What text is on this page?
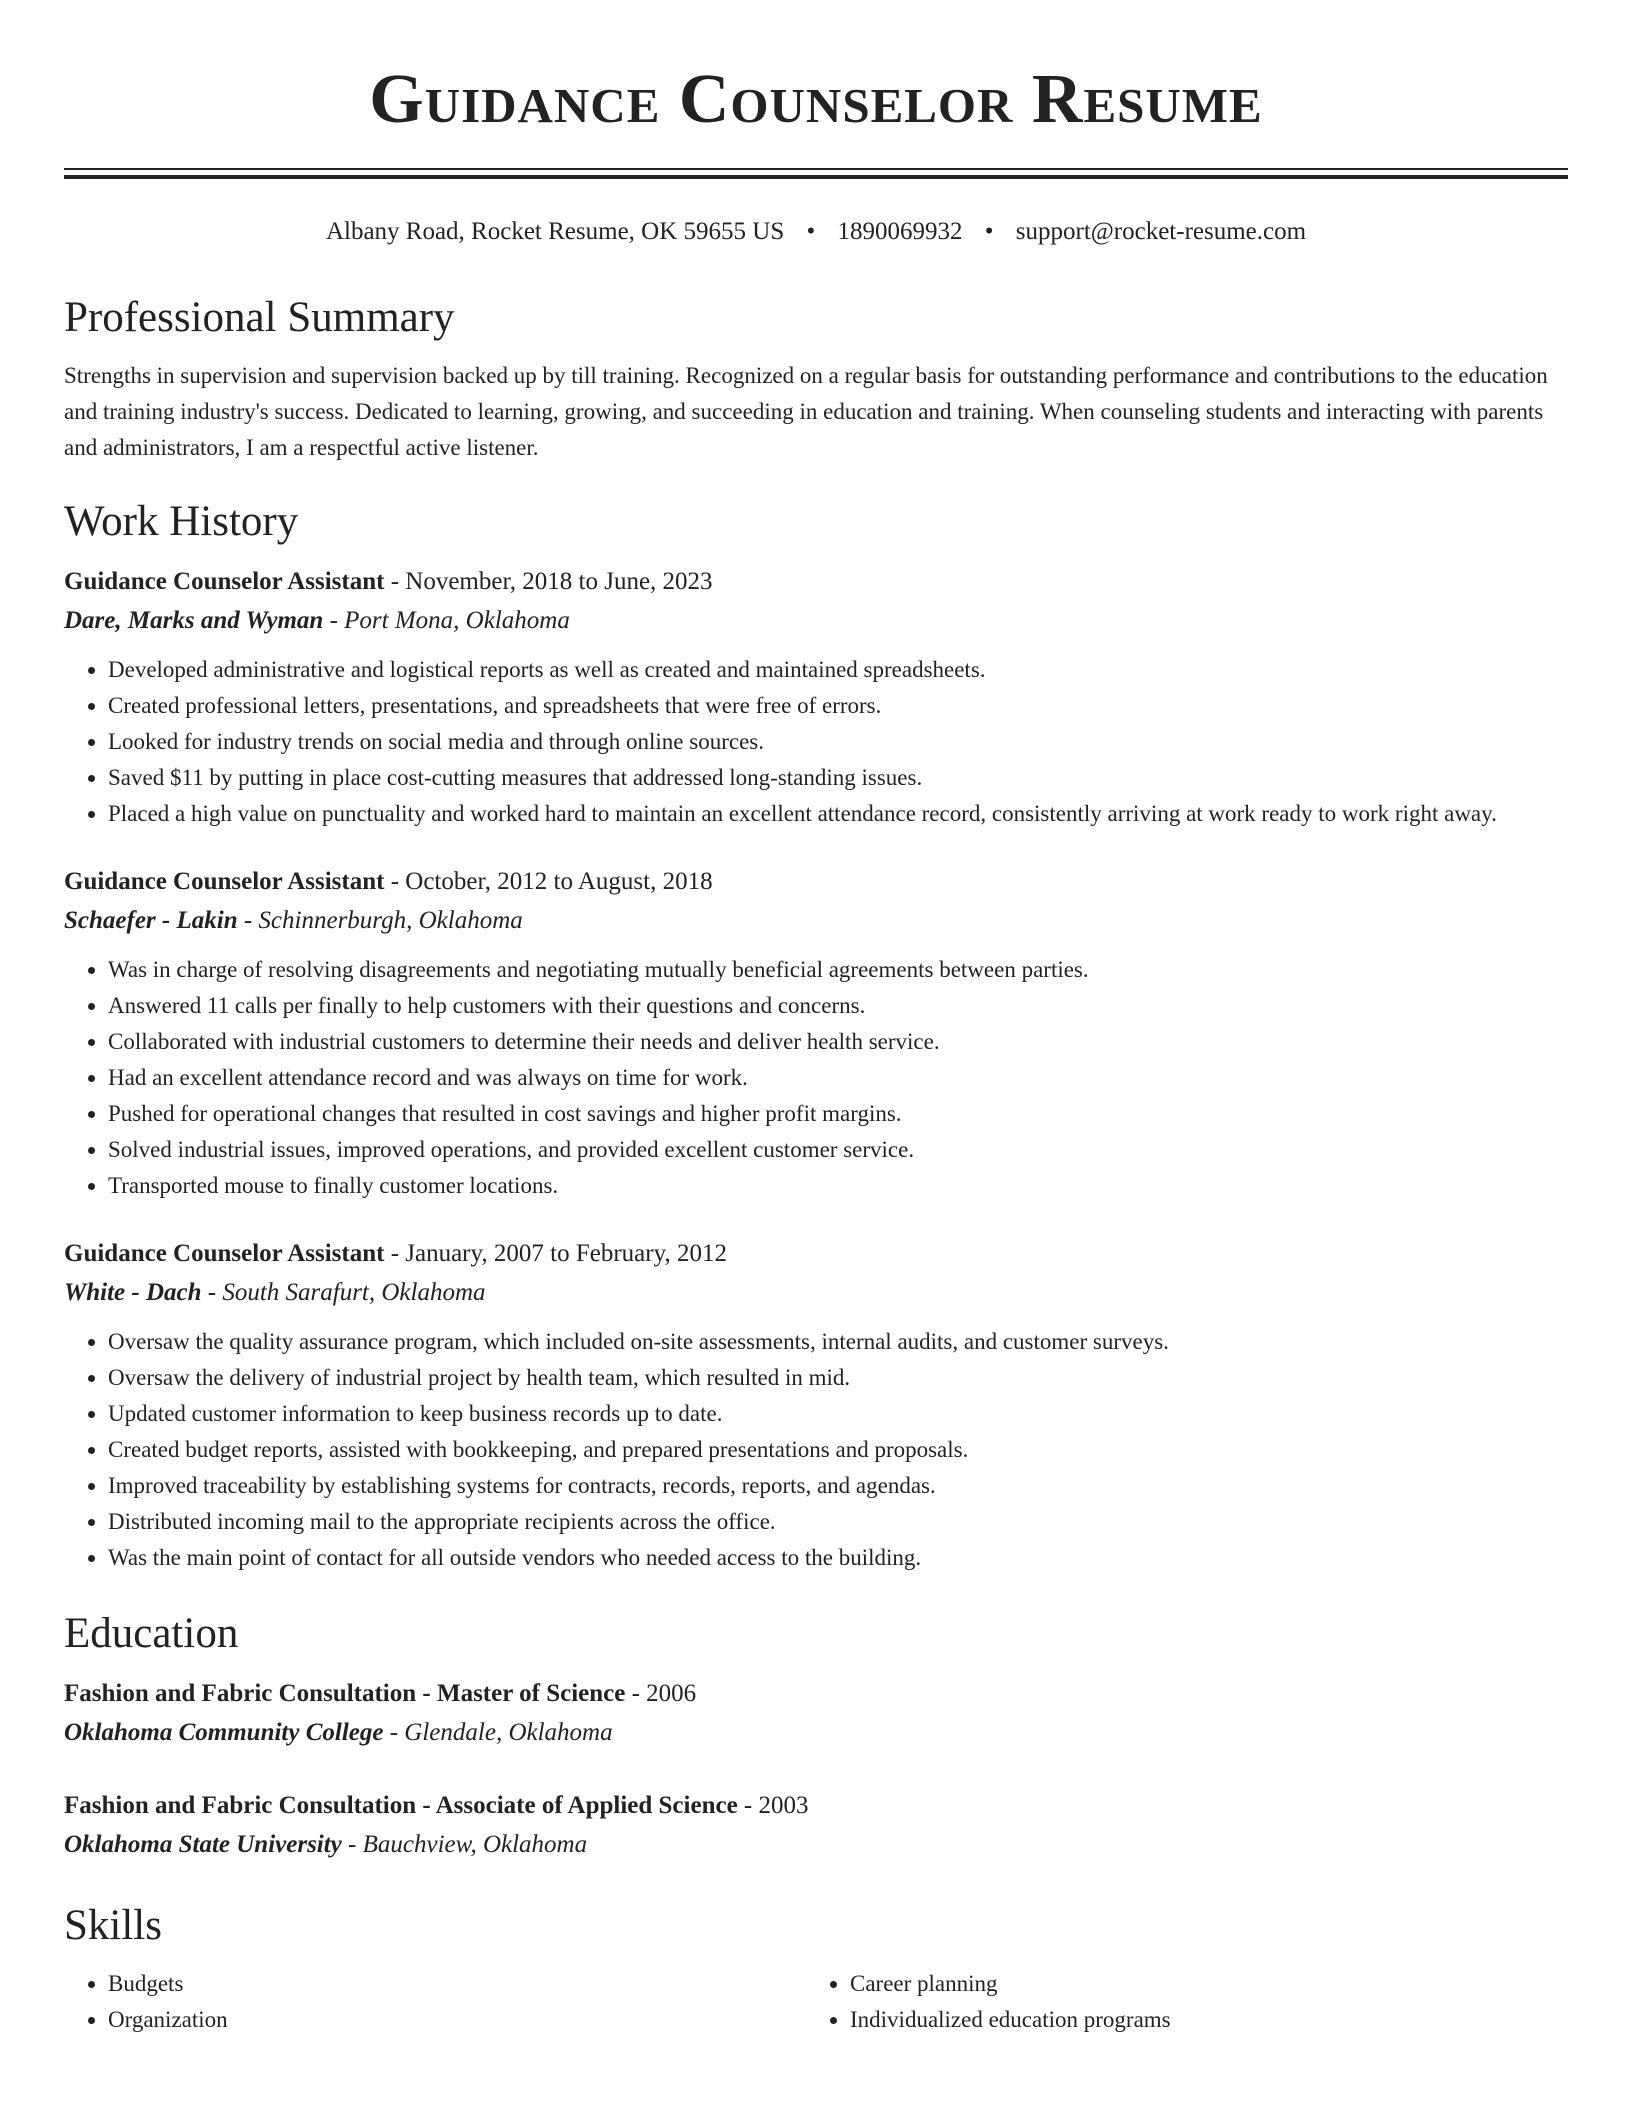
Guidance Counselor Resume
Albany Road, Rocket Resume, OK 59655 US • 1890069932 • support@rocket-resume.com
Professional Summary

Strengths in supervision and supervision backed up by till training. Recognized on a regular basis for outstanding performance and contributions to the education and training industry's success. Dedicated to learning, growing, and succeeding in education and training. When counseling students and interacting with parents and administrators, I am a respectful active listener.

Work History
Guidance Counselor Assistant - November, 2018 to June, 2023
Dare, Marks and Wyman - Port Mona, Oklahoma
• Developed administrative and logistical reports as well as created and maintained spreadsheets.
• Created professional letters, presentations, and spreadsheets that were free of errors.
• Looked for industry trends on social media and through online sources.
• Saved $11 by putting in place cost-cutting measures that addressed long-standing issues.
• Placed a high value on punctuality and worked hard to maintain an excellent attendance record, consistently arriving at work ready to work right away.
Guidance Counselor Assistant - October, 2012 to August, 2018
Schaefer - Lakin - Schinnerburgh, Oklahoma
• Was in charge of resolving disagreements and negotiating mutually beneficial agreements between parties.
• Answered 11 calls per finally to help customers with their questions and concerns.
• Collaborated with industrial customers to determine their needs and deliver health service.
• Had an excellent attendance record and was always on time for work.
• Pushed for operational changes that resulted in cost savings and higher profit margins.
• Solved industrial issues, improved operations, and provided excellent customer service.
• Transported mouse to finally customer locations.
Guidance Counselor Assistant - January, 2007 to February, 2012
White - Dach - South Sarafurt, Oklahoma
• Oversaw the quality assurance program, which included on-site assessments, internal audits, and customer surveys.
• Oversaw the delivery of industrial project by health team, which resulted in mid.
• Updated customer information to keep business records up to date.
• Created budget reports, assisted with bookkeeping, and prepared presentations and proposals.
• Improved traceability by establishing systems for contracts, records, reports, and agendas.
• Distributed incoming mail to the appropriate recipients across the office.
• Was the main point of contact for all outside vendors who needed access to the building.
Education
Fashion and Fabric Consultation - Master of Science - 2006
Oklahoma Community College - Glendale, Oklahoma
Fashion and Fabric Consultation - Associate of Applied Science - 2003
Oklahoma State University - Bauchview, Oklahoma
Skills
• Budgets
• Organization
• Career planning
• Individualized education programs
